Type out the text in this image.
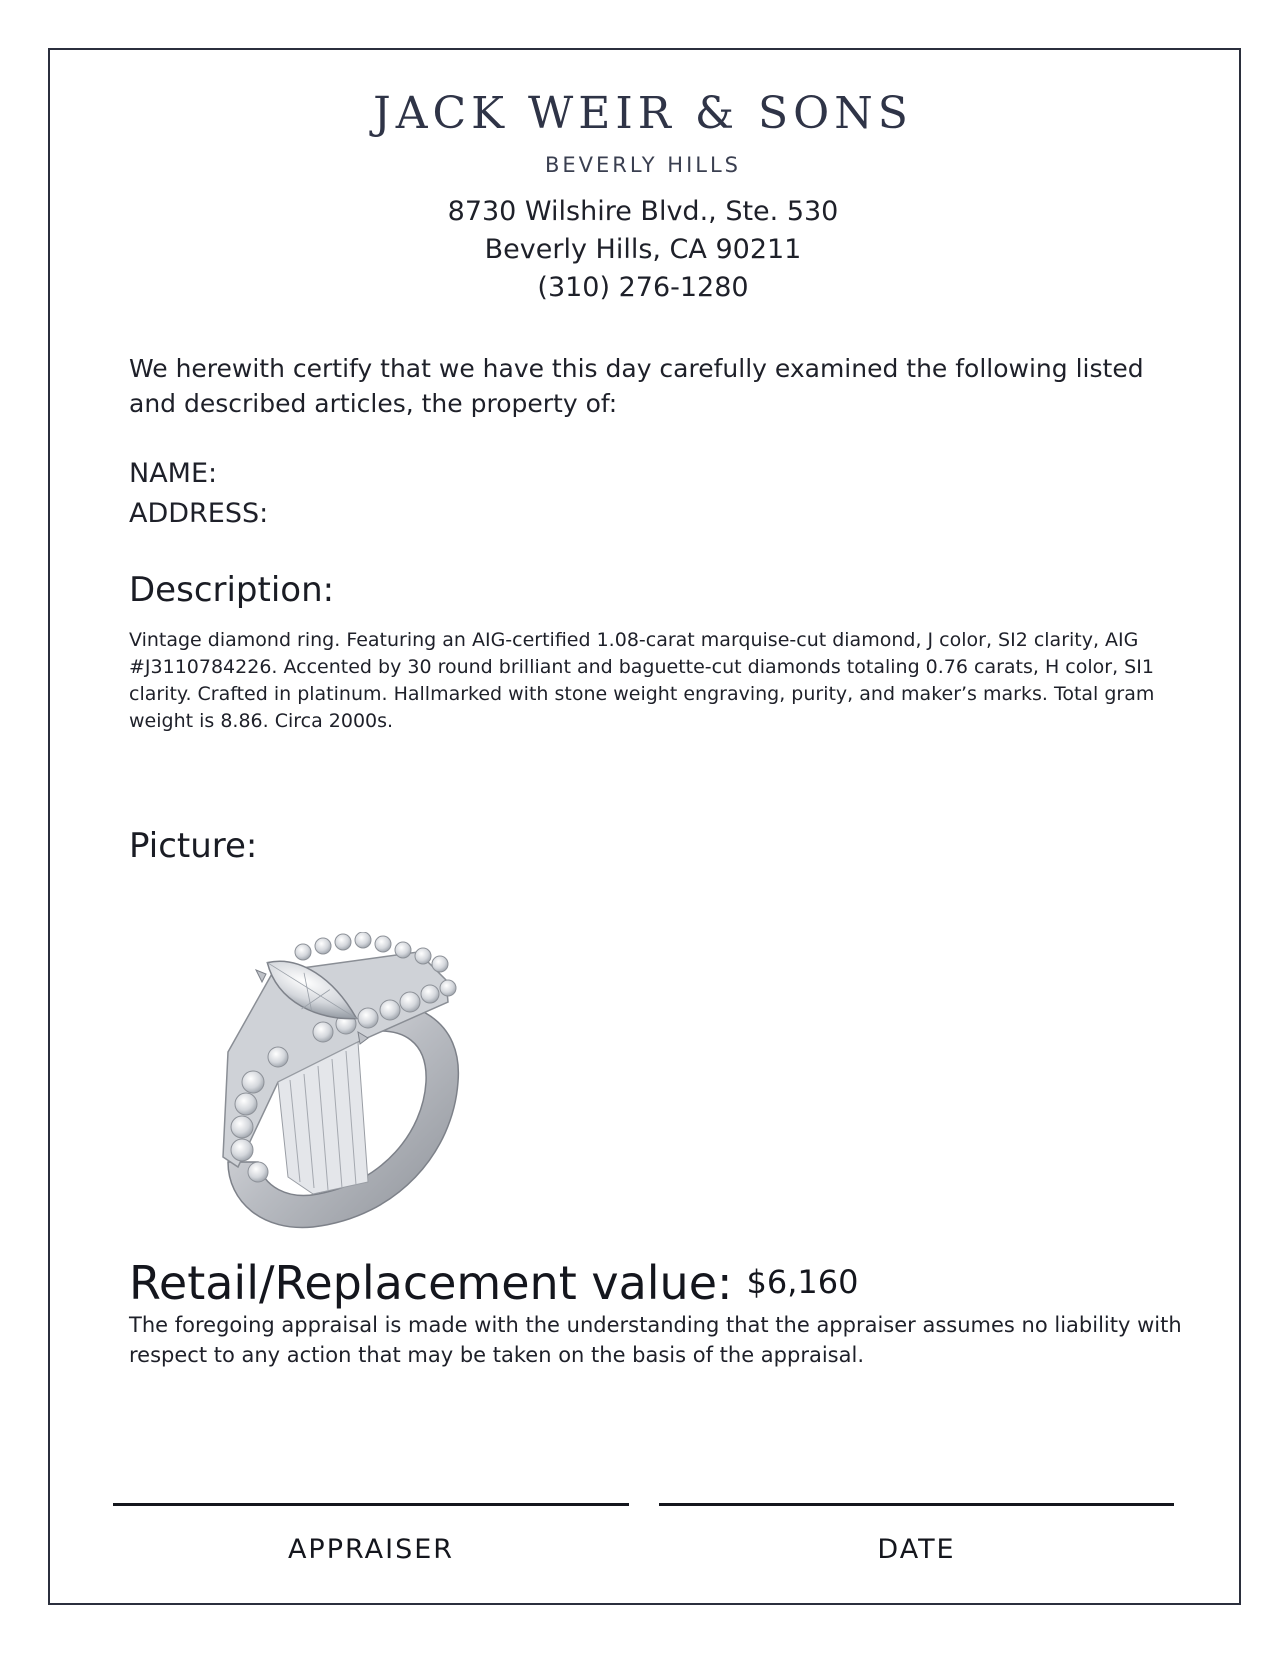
JACK WEIR & SONS
BEVERLY HILLS
8730 Wilshire Blvd., Ste. 530
Beverly Hills, CA 90211
(310) 276-1280
We herewith certify that we have this day carefully examined the following listed and described articles, the property of:
NAME:
ADDRESS:
Description:
Vintage diamond ring. Featuring an AIG-certified 1.08-carat marquise-cut diamond, J color, SI2 clarity, AIG #J3110784226. Accented by 30 round brilliant and baguette-cut diamonds totaling 0.76 carats, H color, SI1 clarity. Crafted in platinum. Hallmarked with stone weight engraving, purity, and maker’s marks. Total gram weight is 8.86. Circa 2000s.
Picture:
Retail/Replacement value: $6,160
The foregoing appraisal is made with the understanding that the appraiser assumes no liability with respect to any action that may be taken on the basis of the appraisal.
APPRAISER	DATE
